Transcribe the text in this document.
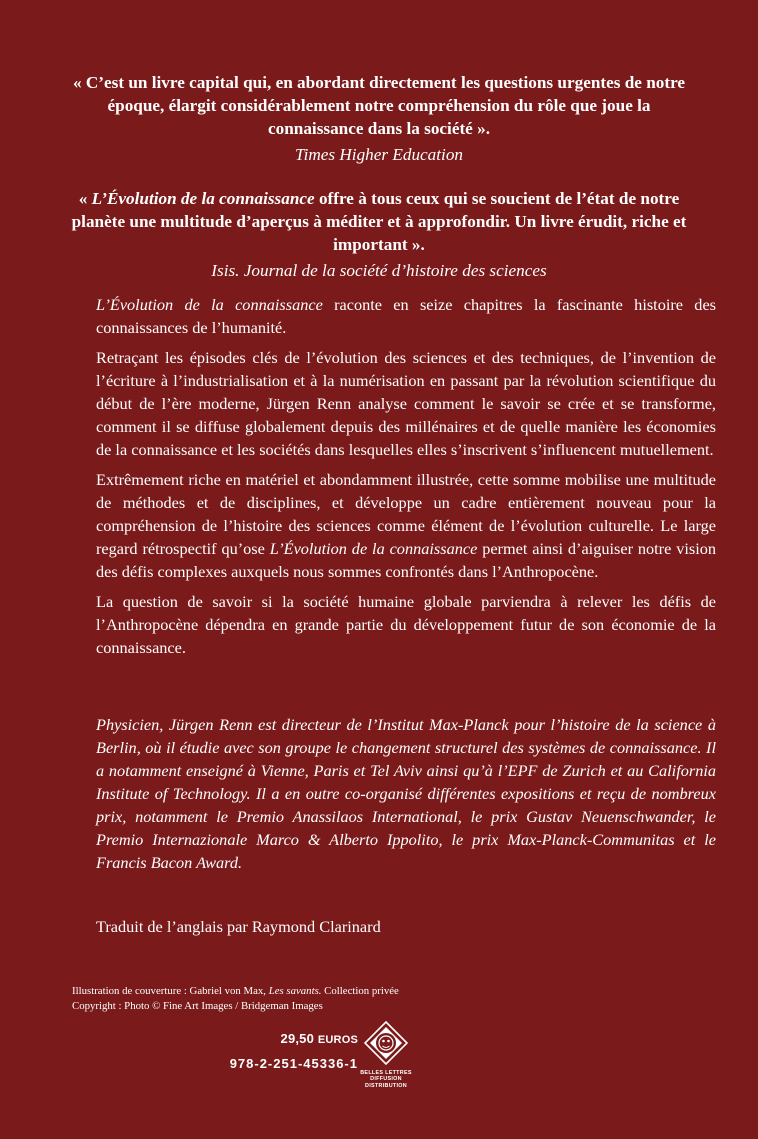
« C’est un livre capital qui, en abordant directement les questions urgentes de notre époque, élargit considérablement notre compréhension du rôle que joue la connaissance dans la société ».
Times Higher Education
« L’Évolution de la connaissance offre à tous ceux qui se soucient de l’état de notre planète une multitude d’aperçus à méditer et à approfondir. Un livre érudit, riche et important ».
Isis. Journal de la société d’histoire des sciences

L’Évolution de la connaissance raconte en seize chapitres la fascinante histoire des connaissances de l’humanité.

Retraçant les épisodes clés de l’évolution des sciences et des techniques, de l’invention de l’écriture à l’industrialisation et à la numérisation en passant par la révolution scientifique du début de l’ère moderne, Jürgen Renn analyse comment le savoir se crée et se transforme, comment il se diffuse globalement depuis des millénaires et de quelle manière les économies de la connaissance et les sociétés dans lesquelles elles s’inscrivent s’influencent mutuellement.

Extrêmement riche en matériel et abondamment illustrée, cette somme mobilise une multitude de méthodes et de disciplines, et développe un cadre entièrement nouveau pour la compréhension de l’histoire des sciences comme élément de l’évolution culturelle. Le large regard rétrospectif qu’ose L’Évolution de la connaissance permet ainsi d’aiguiser notre vision des défis complexes auxquels nous sommes confrontés dans l’Anthropocène.

La question de savoir si la société humaine globale parviendra à relever les défis de l’Anthropocène dépendra en grande partie du développement futur de son économie de la connaissance.

Physicien, Jürgen Renn est directeur de l’Institut Max-Planck pour l’histoire de la science à Berlin, où il étudie avec son groupe le changement structurel des systèmes de connaissance. Il a notamment enseigné à Vienne, Paris et Tel Aviv ainsi qu’à l’EPF de Zurich et au California Institute of Technology. Il a en outre co-organisé différentes expositions et reçu de nombreux prix, notamment le Premio Anassilaos International, le prix Gustav Neuenschwander, le Premio Internazionale Marco & Alberto Ippolito, le prix Max-Planck-Communitas et le Francis Bacon Award.
Traduit de l’anglais par Raymond Clarinard
Illustration de couverture : Gabriel von Max, Les savants. Collection privée
Copyright : Photo © Fine Art Images / Bridgeman Images
29,50 EUROS
978-2-251-45336-1
BELLES LETTRES
DIFFUSION
DISTRIBUTION
